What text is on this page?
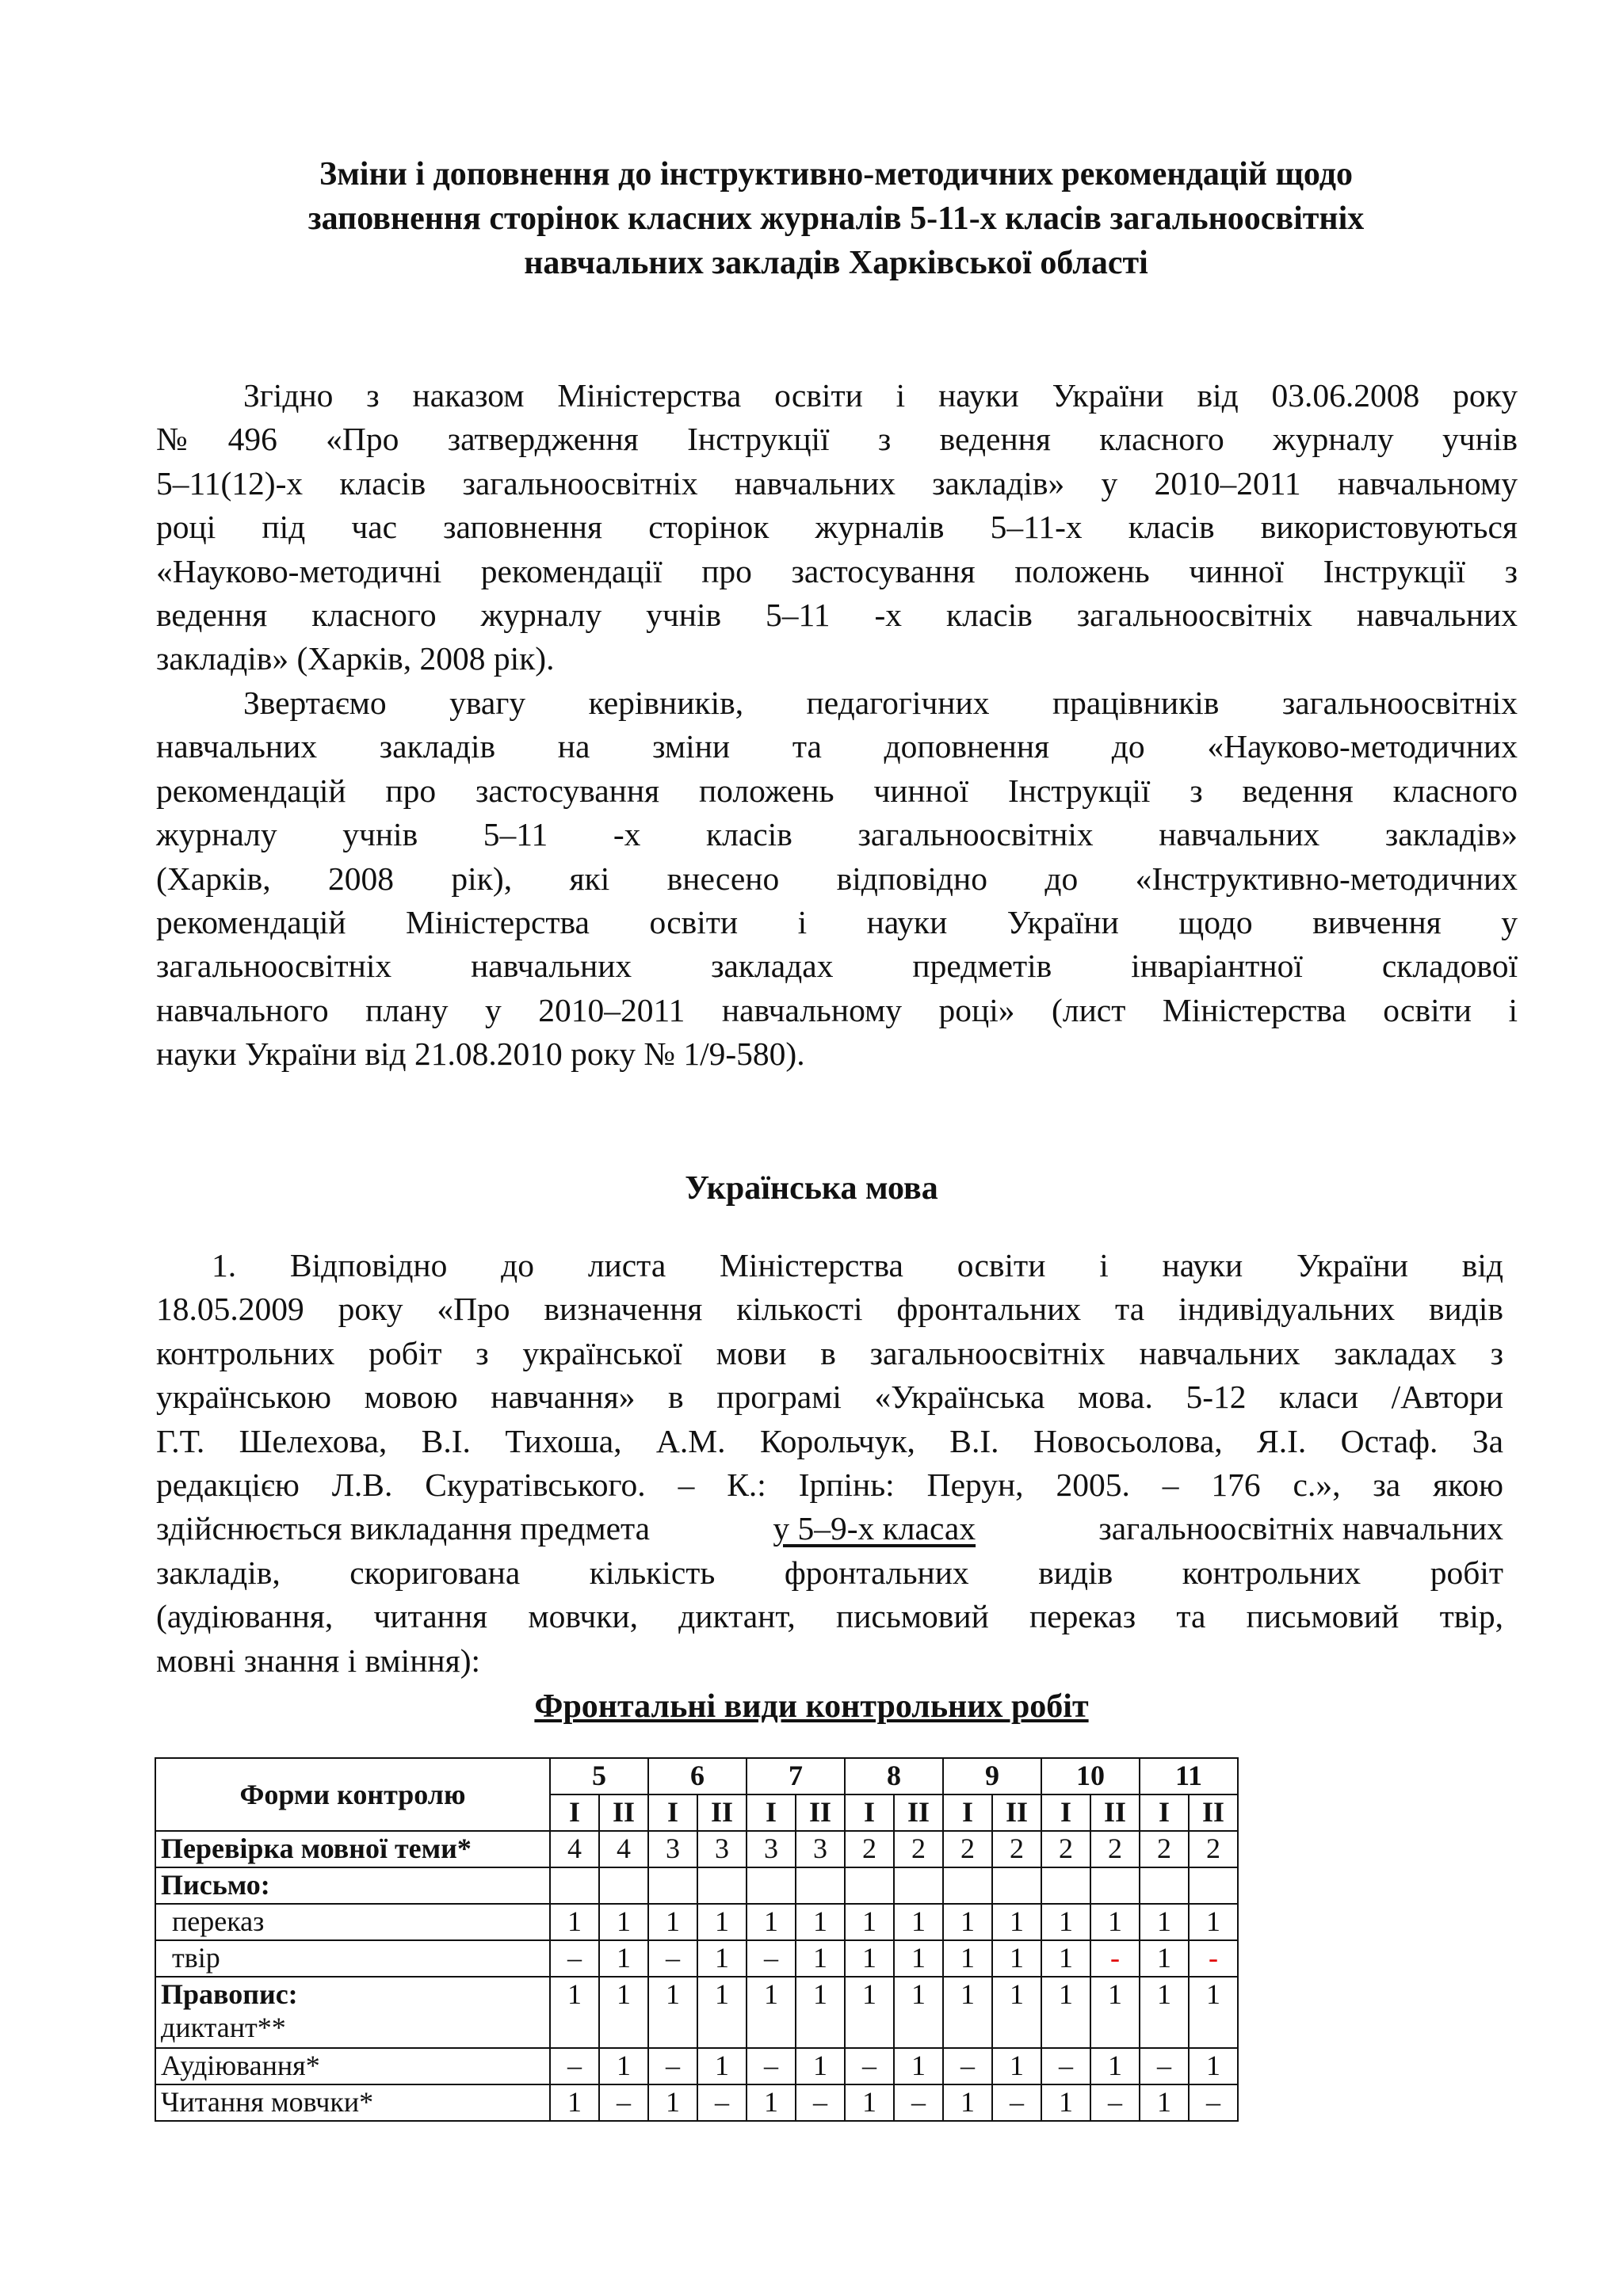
Зміни і доповнення до інструктивно-методичних рекомендацій щодо
заповнення сторінок класних журналів 5-11-х класів загальноосвітніх
навчальних закладів Харківської області
Згідно з наказом Міністерства освіти і науки України від 03.06.2008 року
№496 «Про затвердження Інструкції з ведення класного журналу учнів
5–11(12)-х класів загальноосвітніх навчальних закладів» у 2010–2011 навчальному
році під час заповнення сторінок журналів 5–11-х класів використовуються
«Науково-методичні рекомендації про застосування положень чинної Інструкції з
ведення класного журналу учнів 5–11 -х класів загальноосвітніх навчальних
закладів» (Харків, 2008 рік).
Звертаємо увагу керівників, педагогічних працівників загальноосвітніх
навчальних закладів на зміни та доповнення до «Науково-методичних
рекомендацій про застосування положень чинної Інструкції з ведення класного
журналу учнів 5–11 -х класів загальноосвітніх навчальних закладів»
(Харків, 2008 рік), які внесено відповідно до «Інструктивно-методичних
рекомендацій Міністерства освіти і науки України щодо вивчення у
загальноосвітніх навчальних закладах предметів інваріантної складової
навчального плану у 2010–2011 навчальному році» (лист Міністерства освіти і
науки України від 21.08.2010 року № 1/9-580).
Українська мова
1. Відповідно до листа Міністерства освіти і науки України від
18.05.2009 року «Про визначення кількості фронтальних та індивідуальних видів
контрольних робіт з української мови в загальноосвітніх навчальних закладах з
українською мовою навчання» в програмі «Українська мова. 5-12 класи /Автори
Г.Т. Шелехова, В.І. Тихоша, А.М. Корольчук, В.І. Новосьолова, Я.І. Остаф. За
редакцією Л.В. Скуратівського. – К.: Ірпінь: Перун, 2005. – 176 с.», за якою
здійснюється викладання предмета	у 5–9-х класах	загальноосвітніх навчальних
закладів, скоригована кількість фронтальних видів контрольних робіт
(аудіювання, читання мовчки, диктант, письмовий переказ та письмовий твір,
мовні знання і вміння):
Фронтальні види контрольних робіт
Форми контролю	5		6		7		8		9		10		11	
	І	ІІ	І	ІІ	І	ІІ	І	ІІ	І	ІІ	І	ІІ	І	ІІ
Перевірка мовної теми*	4	4	3	3	3	3	2	2	2	2	2	2	2	2
Письмо:														
переказ	1	1	1	1	1	1	1	1	1	1	1	1	1	1
твір	–	1	–	1	–	1	1	1	1	1	1	-	1	-

Правопис:
диктант**	1	1	1	1	1	1	1	1	1	1	1	1	1	1
Аудіювання*	–	1	–	1	–	1	–	1	–	1	–	1	–	1
Читання мовчки*	1	–	1	–	1	–	1	–	1	–	1	–	1	–
